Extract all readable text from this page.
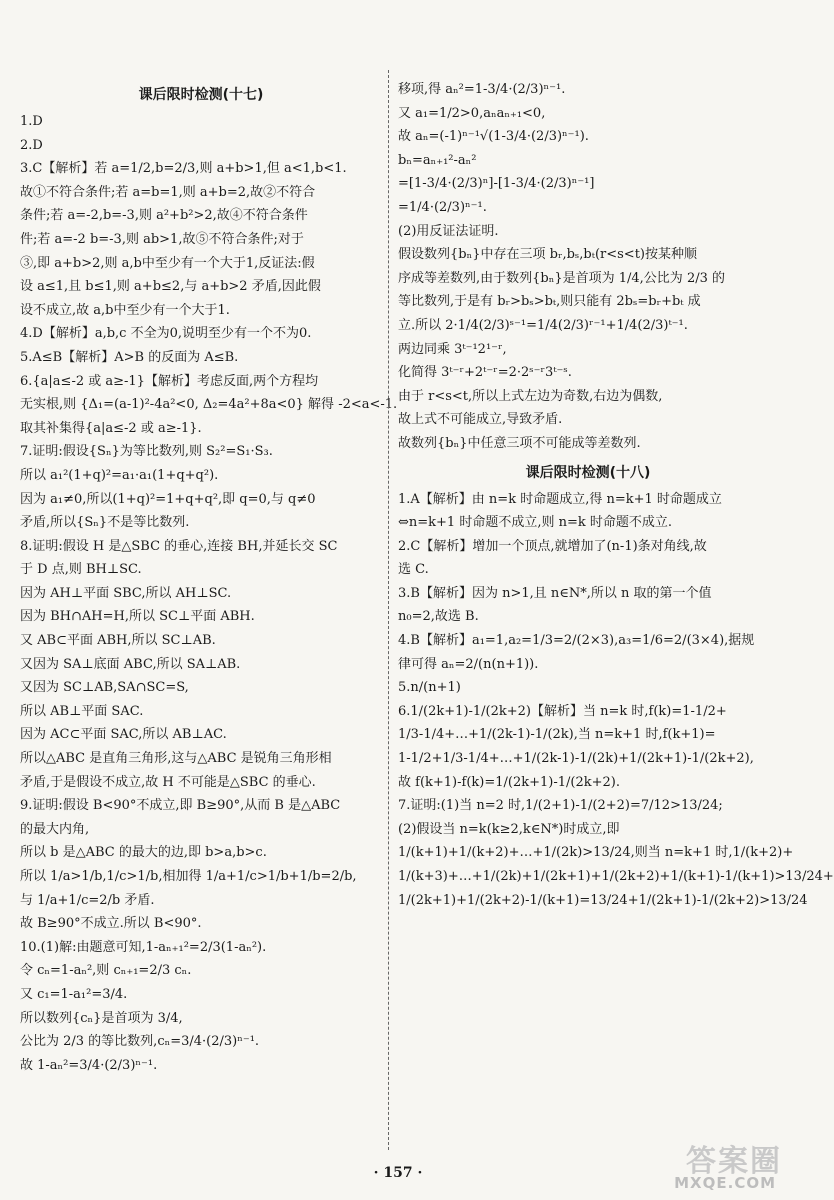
课后限时检测(十七)
1.D
2.D
3.C【解析】若 a=1/2,b=2/3,则 a+b>1,但 a<1,b<1.
故①不符合条件;若 a=b=1,则 a+b=2,故②不符合
条件;若 a=-2,b=-3,则 a²+b²>2,故④不符合条件
件;若 a=-2 b=-3,则 ab>1,故⑤不符合条件;对于
③,即 a+b>2,则 a,b中至少有一个大于1,反证法:假
设 a≤1,且 b≤1,则 a+b≤2,与 a+b>2 矛盾,因此假
设不成立,故 a,b中至少有一个大于1.
4.D【解析】a,b,c 不全为0,说明至少有一个不为0.
5.A≤B【解析】A>B 的反面为 A≤B.
6.{a|a≤-2 或 a≥-1}【解析】考虑反面,两个方程均
无实根,则 {Δ₁=(a-1)²-4a²<0, Δ₂=4a²+8a<0} 解得 -2<a<-1.
取其补集得{a|a≤-2 或 a≥-1}.
7.证明:假设{Sₙ}为等比数列,则 S₂²=S₁·S₃.
所以 a₁²(1+q)²=a₁·a₁(1+q+q²).
因为 a₁≠0,所以(1+q)²=1+q+q²,即 q=0,与 q≠0
矛盾,所以{Sₙ}不是等比数列.
8.证明:假设 H 是△SBC 的垂心,连接 BH,并延长交 SC
于 D 点,则 BH⊥SC.
因为 AH⊥平面 SBC,所以 AH⊥SC.
因为 BH∩AH=H,所以 SC⊥平面 ABH.
又 AB⊂平面 ABH,所以 SC⊥AB.
又因为 SA⊥底面 ABC,所以 SA⊥AB.
又因为 SC⊥AB,SA∩SC=S,
所以 AB⊥平面 SAC.
因为 AC⊂平面 SAC,所以 AB⊥AC.
所以△ABC 是直角三角形,这与△ABC 是锐角三角形相
矛盾,于是假设不成立,故 H 不可能是△SBC 的垂心.
9.证明:假设 B<90°不成立,即 B≥90°,从而 B 是△ABC
的最大内角,
所以 b 是△ABC 的最大的边,即 b>a,b>c.
所以 1/a>1/b,1/c>1/b,相加得 1/a+1/c>1/b+1/b=2/b,
与 1/a+1/c=2/b 矛盾.
故 B≥90°不成立.所以 B<90°.
10.(1)解:由题意可知,1-aₙ₊₁²=2/3(1-aₙ²).
令 cₙ=1-aₙ²,则 cₙ₊₁=2/3 cₙ.
又 c₁=1-a₁²=3/4.
所以数列{cₙ}是首项为 3/4,
公比为 2/3 的等比数列,cₙ=3/4·(2/3)ⁿ⁻¹.
故 1-aₙ²=3/4·(2/3)ⁿ⁻¹.
移项,得 aₙ²=1-3/4·(2/3)ⁿ⁻¹.
又 a₁=1/2>0,aₙaₙ₊₁<0,
故 aₙ=(-1)ⁿ⁻¹√(1-3/4·(2/3)ⁿ⁻¹).
bₙ=aₙ₊₁²-aₙ²
=[1-3/4·(2/3)ⁿ]-[1-3/4·(2/3)ⁿ⁻¹]
=1/4·(2/3)ⁿ⁻¹.
(2)用反证法证明.
假设数列{bₙ}中存在三项 bᵣ,bₛ,bₜ(r<s<t)按某种顺
序成等差数列,由于数列{bₙ}是首项为 1/4,公比为 2/3 的
等比数列,于是有 bᵣ>bₛ>bₜ,则只能有 2bₛ=bᵣ+bₜ 成
立.所以 2·1/4(2/3)ˢ⁻¹=1/4(2/3)ʳ⁻¹+1/4(2/3)ᵗ⁻¹.
两边同乘 3ᵗ⁻¹2¹⁻ʳ,
化简得 3ᵗ⁻ʳ+2ᵗ⁻ʳ=2·2ˢ⁻ʳ3ᵗ⁻ˢ.
由于 r<s<t,所以上式左边为奇数,右边为偶数,
故上式不可能成立,导致矛盾.
故数列{bₙ}中任意三项不可能成等差数列.
课后限时检测(十八)
1.A【解析】由 n=k 时命题成立,得 n=k+1 时命题成立
⇔n=k+1 时命题不成立,则 n=k 时命题不成立.
2.C【解析】增加一个顶点,就增加了(n-1)条对角线,故
选 C.
3.B【解析】因为 n>1,且 n∈N*,所以 n 取的第一个值
n₀=2,故选 B.
4.B【解析】a₁=1,a₂=1/3=2/(2×3),a₃=1/6=2/(3×4),据规
律可得 aₙ=2/(n(n+1)).
5.n/(n+1)
6.1/(2k+1)-1/(2k+2)【解析】当 n=k 时,f(k)=1-1/2+
1/3-1/4+…+1/(2k-1)-1/(2k),当 n=k+1 时,f(k+1)=
1-1/2+1/3-1/4+…+1/(2k-1)-1/(2k)+1/(2k+1)-1/(2k+2),
故 f(k+1)-f(k)=1/(2k+1)-1/(2k+2).
7.证明:(1)当 n=2 时,1/(2+1)-1/(2+2)=7/12>13/24;
(2)假设当 n=k(k≥2,k∈N*)时成立,即
1/(k+1)+1/(k+2)+…+1/(2k)>13/24,则当 n=k+1 时,1/(k+2)+
1/(k+3)+…+1/(2k)+1/(2k+1)+1/(2k+2)+1/(k+1)-1/(k+1)>13/24+
1/(2k+1)+1/(2k+2)-1/(k+1)=13/24+1/(2k+1)-1/(2k+2)>13/24
· 157 ·	答案圈
MXQE.COM
